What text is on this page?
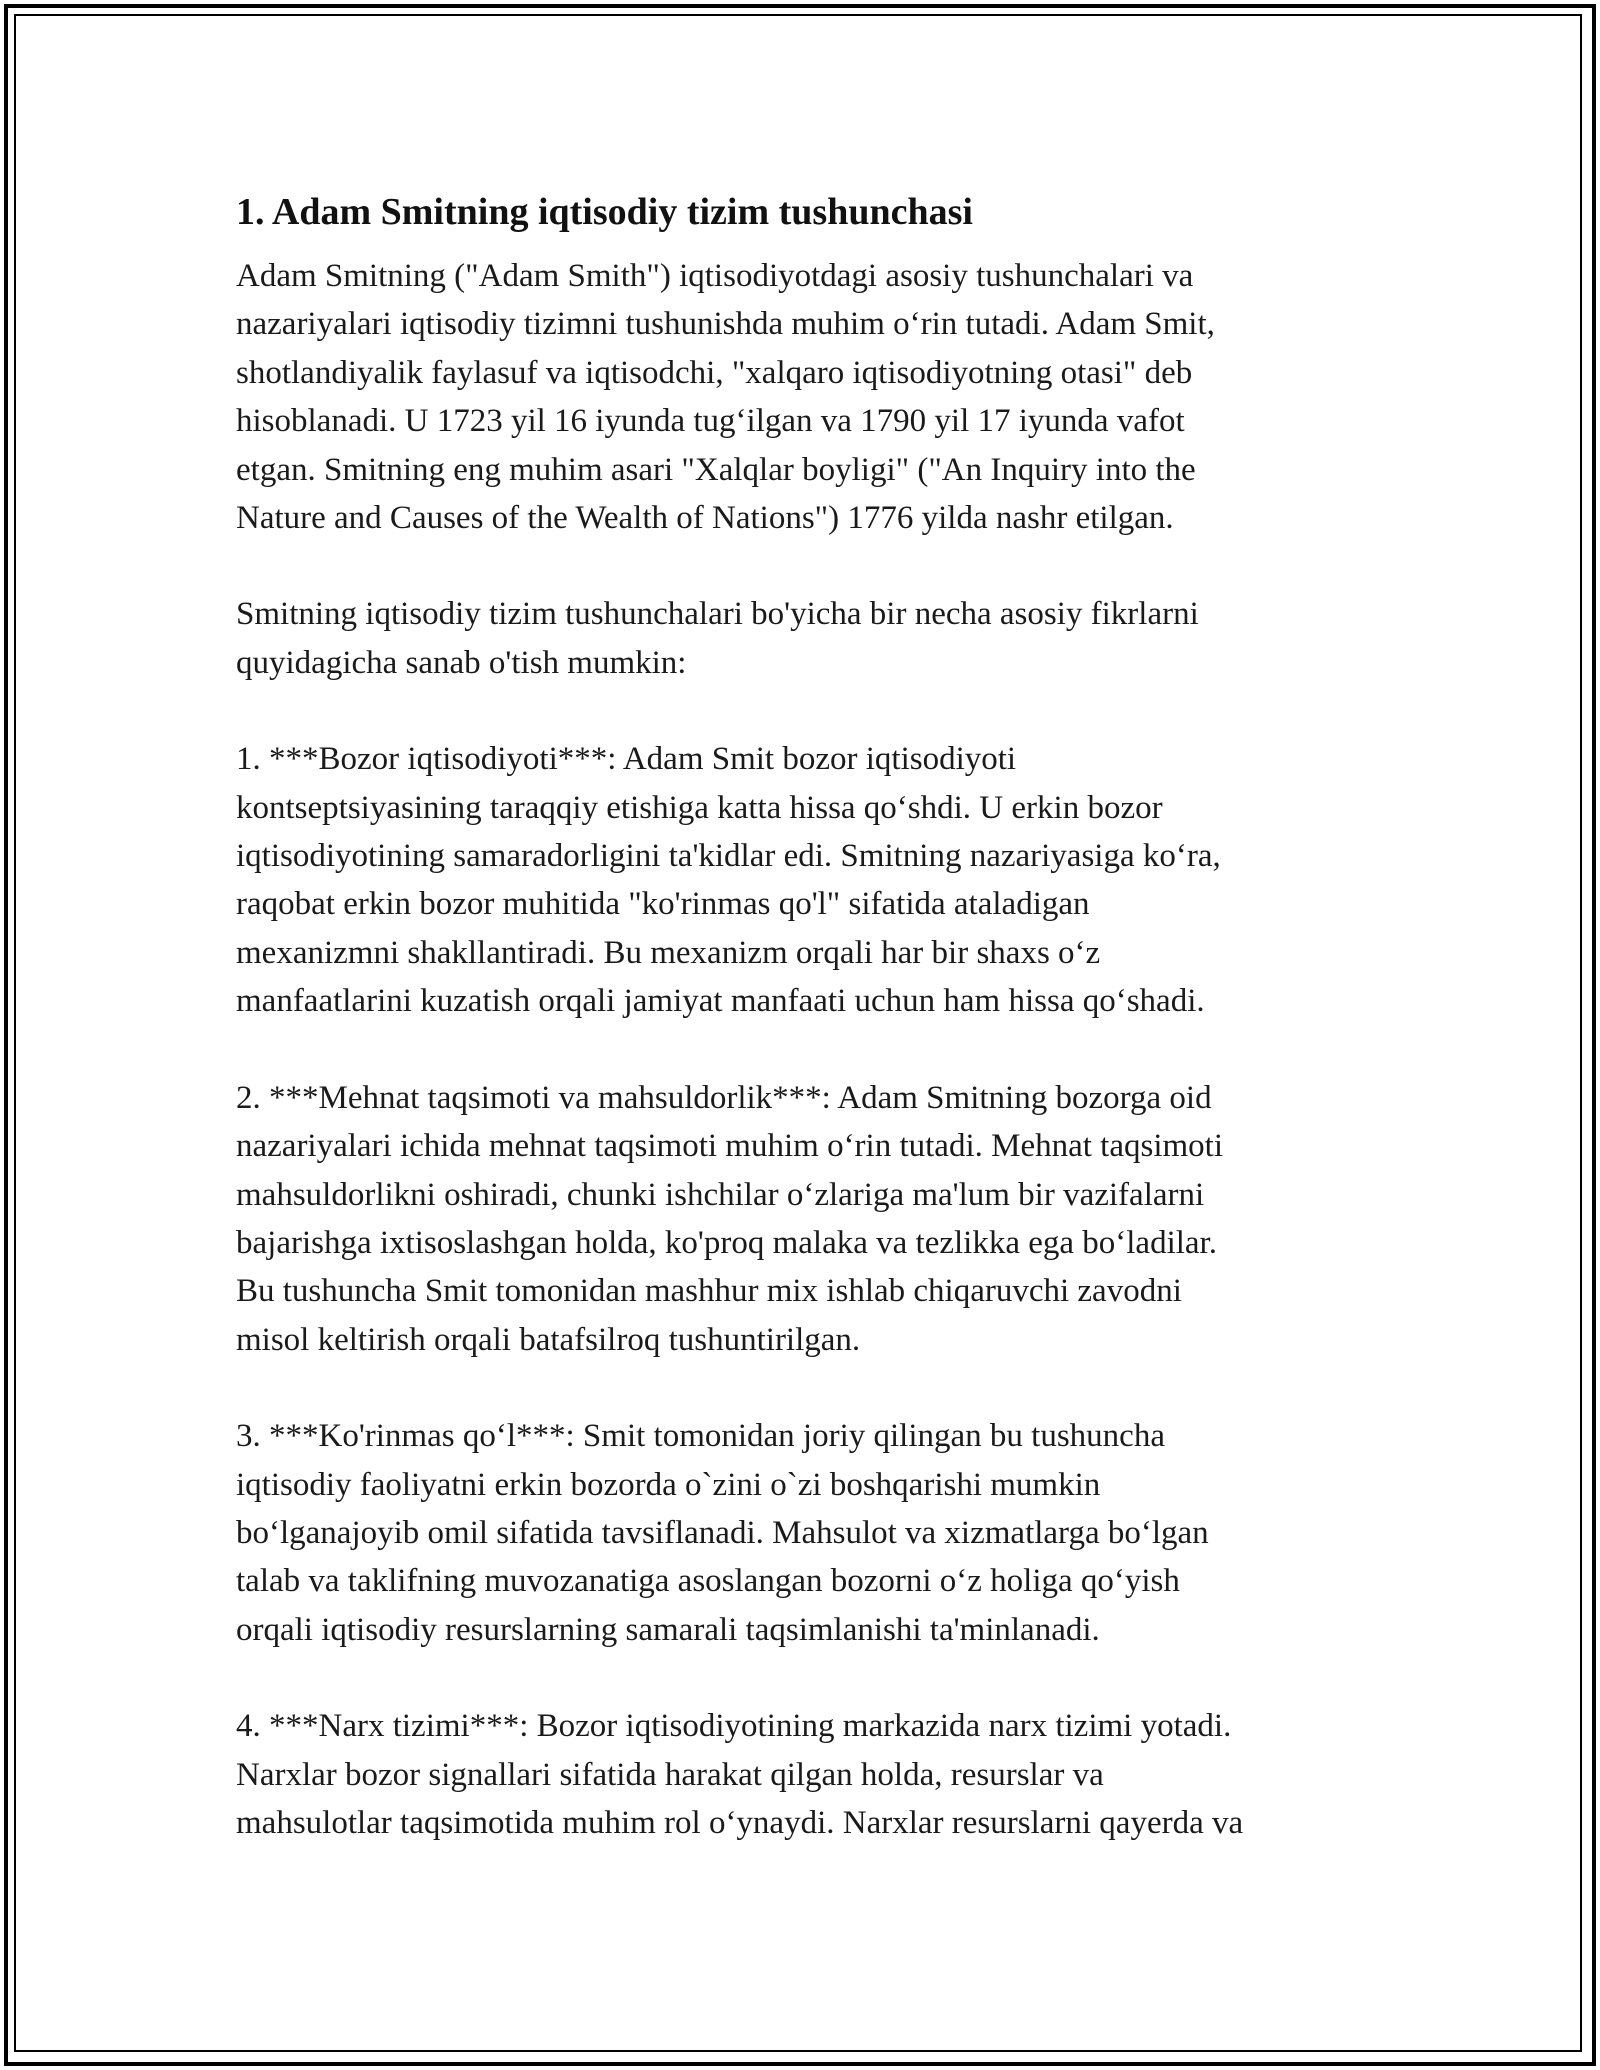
1. Adam Smitning iqtisodiy tizim tushunchasi

Adam Smitning ("Adam Smith") iqtisodiyotdagi asosiy tushunchalari va
nazariyalari iqtisodiy tizimni tushunishda muhim o‘rin tutadi. Adam Smit,
shotlandiyalik faylasuf va iqtisodchi, "xalqaro iqtisodiyotning otasi" deb
hisoblanadi. U 1723 yil 16 iyunda tug‘ilgan va 1790 yil 17 iyunda vafot
etgan. Smitning eng muhim asari "Xalqlar boyligi" ("An Inquiry into the
Nature and Causes of the Wealth of Nations") 1776 yilda nashr etilgan.

Smitning iqtisodiy tizim tushunchalari bo'yicha bir necha asosiy fikrlarni
quyidagicha sanab o'tish mumkin:

1. ***Bozor iqtisodiyoti***: Adam Smit bozor iqtisodiyoti
kontseptsiyasining taraqqiy etishiga katta hissa qo‘shdi. U erkin bozor
iqtisodiyotining samaradorligini ta'kidlar edi. Smitning nazariyasiga ko‘ra,
raqobat erkin bozor muhitida "ko'rinmas qo'l" sifatida ataladigan
mexanizmni shakllantiradi. Bu mexanizm orqali har bir shaxs o‘z
manfaatlarini kuzatish orqali jamiyat manfaati uchun ham hissa qo‘shadi.

2. ***Mehnat taqsimoti va mahsuldorlik***: Adam Smitning bozorga oid
nazariyalari ichida mehnat taqsimoti muhim o‘rin tutadi. Mehnat taqsimoti
mahsuldorlikni oshiradi, chunki ishchilar o‘zlariga ma'lum bir vazifalarni
bajarishga ixtisoslashgan holda, ko'proq malaka va tezlikka ega bo‘ladilar.
Bu tushuncha Smit tomonidan mashhur mix ishlab chiqaruvchi zavodni
misol keltirish orqali batafsilroq tushuntirilgan.

3. ***Ko'rinmas qo‘l***: Smit tomonidan joriy qilingan bu tushuncha
iqtisodiy faoliyatni erkin bozorda o`zini o`zi boshqarishi mumkin
bo‘lganajoyib omil sifatida tavsiflanadi. Mahsulot va xizmatlarga bo‘lgan
talab va taklifning muvozanatiga asoslangan bozorni o‘z holiga qo‘yish
orqali iqtisodiy resurslarning samarali taqsimlanishi ta'minlanadi.

4. ***Narx tizimi***: Bozor iqtisodiyotining markazida narx tizimi yotadi.
Narxlar bozor signallari sifatida harakat qilgan holda, resurslar va
mahsulotlar taqsimotida muhim rol o‘ynaydi. Narxlar resurslarni qayerda va
